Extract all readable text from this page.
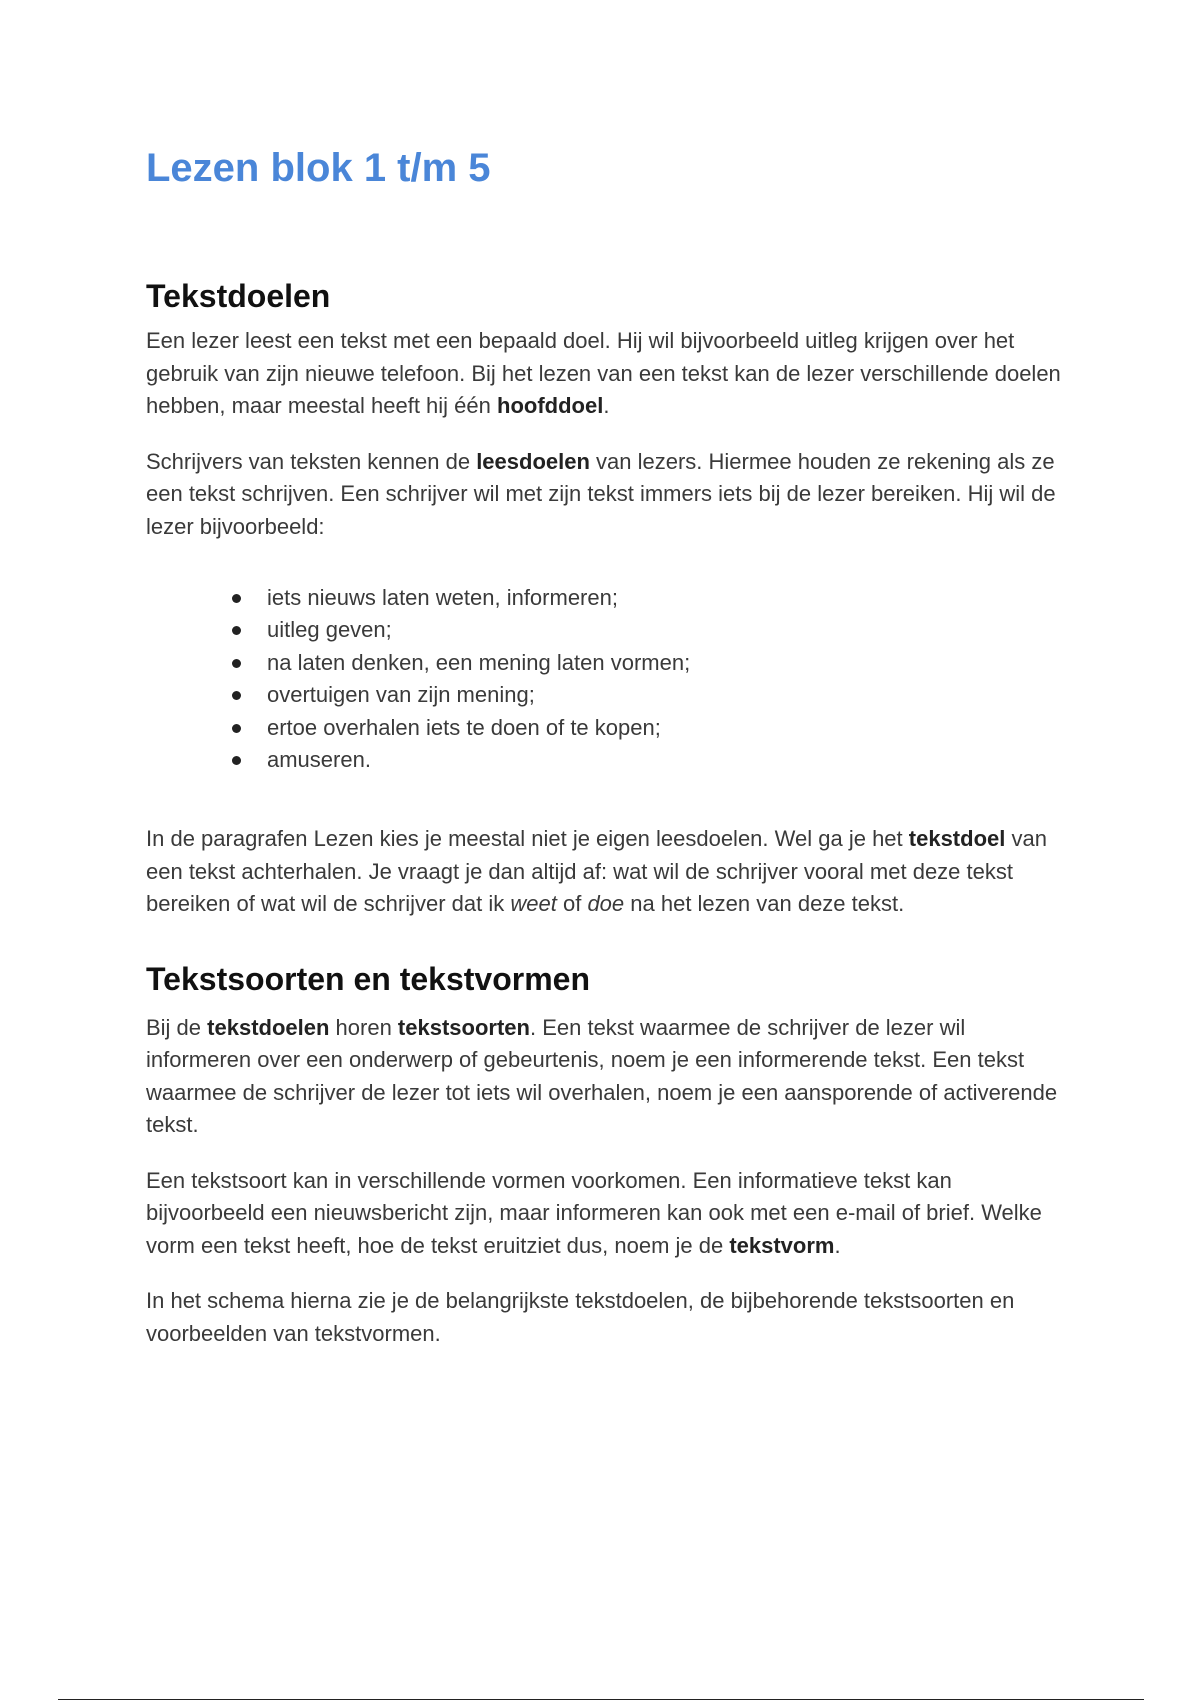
Lezen blok 1 t/m 5
Tekstdoelen

Een lezer leest een tekst met een bepaald doel. Hij wil bijvoorbeeld uitleg krijgen over het gebruik van zijn nieuwe telefoon. Bij het lezen van een tekst kan de lezer verschillende doelen hebben, maar meestal heeft hij één hoofddoel.

Schrijvers van teksten kennen de leesdoelen van lezers. Hiermee houden ze rekening als ze een tekst schrijven. Een schrijver wil met zijn tekst immers iets bij de lezer bereiken. Hij wil de lezer bijvoorbeeld:

iets nieuws laten weten, informeren;
uitleg geven;
na laten denken, een mening laten vormen;
overtuigen van zijn mening;
ertoe overhalen iets te doen of te kopen;
amuseren.

In de paragrafen Lezen kies je meestal niet je eigen leesdoelen. Wel ga je het tekstdoel van een tekst achterhalen. Je vraagt je dan altijd af: wat wil de schrijver vooral met deze tekst bereiken of wat wil de schrijver dat ik weet of doe na het lezen van deze tekst.

Tekstsoorten en tekstvormen

Bij de tekstdoelen horen tekstsoorten. Een tekst waarmee de schrijver de lezer wil informeren over een onderwerp of gebeurtenis, noem je een informerende tekst. Een tekst waarmee de schrijver de lezer tot iets wil overhalen, noem je een aansporende of activerende tekst.

Een tekstsoort kan in verschillende vormen voorkomen. Een informatieve tekst kan bijvoorbeeld een nieuwsbericht zijn, maar informeren kan ook met een e-mail of brief. Welke vorm een tekst heeft, hoe de tekst eruitziet dus, noem je de tekstvorm.

In het schema hierna zie je de belangrijkste tekstdoelen, de bijbehorende tekstsoorten en voorbeelden van tekstvormen.
